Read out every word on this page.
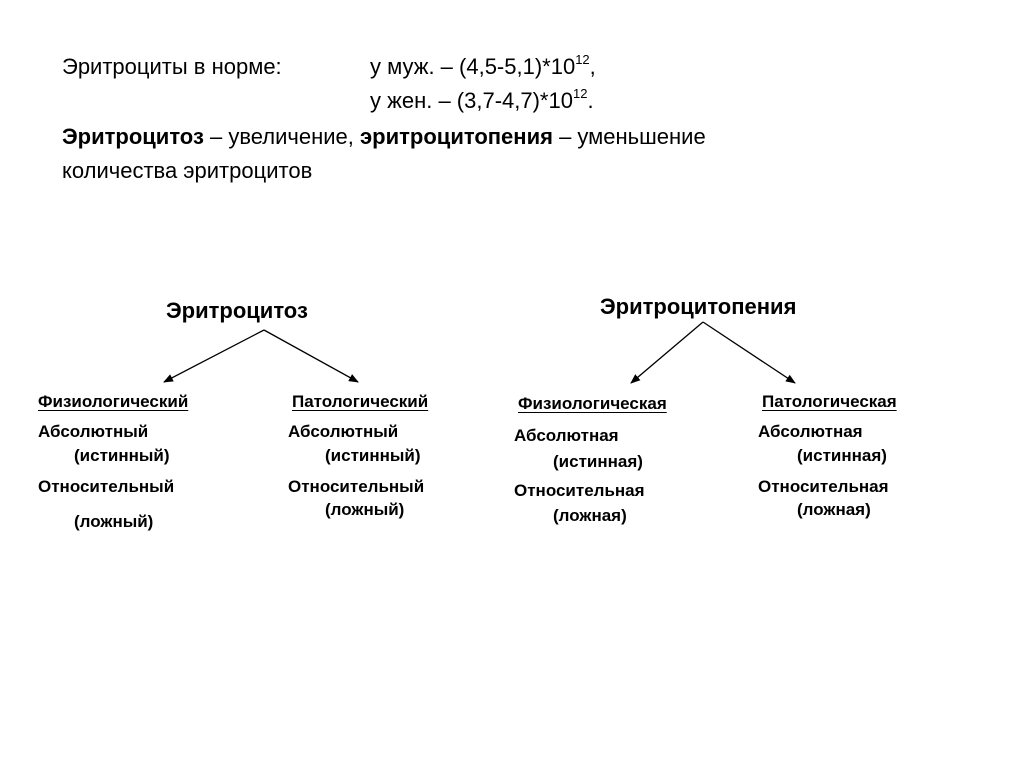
Эритроциты в норме:	у муж. – $(4,5-5,1)*10^{12}$,
у жен. – $(3,7-4,7)*10^{12}$.
Эритроцитоз – увеличение, эритроцитопения – уменьшение
количества эритроцитов
Эритроцитоз
Физиологический
Абсолютный
(истинный)
Относительный
(ложный)
Патологический
Абсолютный
(истинный)
Относительный
(ложный)
Эритроцитопения
Физиологическая
Абсолютная
(истинная)
Относительная
(ложная)
Патологическая
Абсолютная
(истинная)
Относительная
(ложная)
